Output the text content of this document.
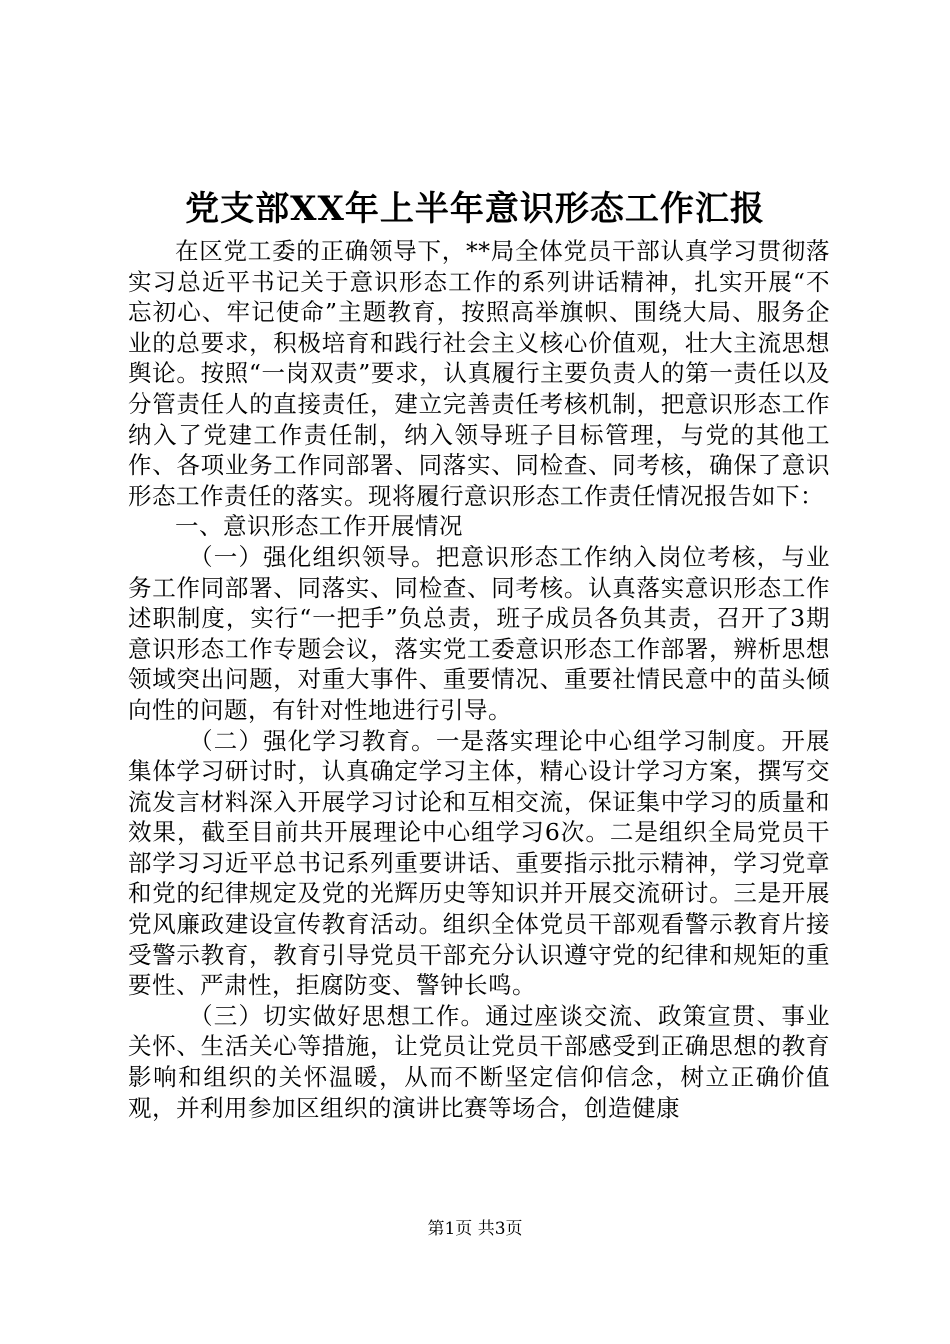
党支部XX年上半年意识形态工作汇报

在区党工委的正确领导下，**局全体党员干部认真学习贯彻落实习总近平书记关于意识形态工作的系列讲话精神，扎实开展“不忘初心、牢记使命”主题教育，按照高举旗帜、围绕大局、服务企业的总要求，积极培育和践行社会主义核心价值观，壮大主流思想舆论。按照“一岗双责”要求，认真履行主要负责人的第一责任以及分管责任人的直接责任，建立完善责任考核机制，把意识形态工作纳入了党建工作责任制，纳入领导班子目标管理，与党的其他工作、各项业务工作同部署、同落实、同检查、同考核，确保了意识形态工作责任的落实。现将履行意识形态工作责任情况报告如下：

一、意识形态工作开展情况

（一）强化组织领导。把意识形态工作纳入岗位考核，与业务工作同部署、同落实、同检查、同考核。认真落实意识形态工作述职制度，实行“一把手”负总责，班子成员各负其责，召开了3期意识形态工作专题会议，落实党工委意识形态工作部署，辨析思想领域突出问题，对重大事件、重要情况、重要社情民意中的苗头倾向性的问题，有针对性地进行引导。

（二）强化学习教育。一是落实理论中心组学习制度。开展集体学习研讨时，认真确定学习主体，精心设计学习方案，撰写交流发言材料深入开展学习讨论和互相交流，保证集中学习的质量和效果，截至目前共开展理论中心组学习6次。二是组织全局党员干部学习习近平总书记系列重要讲话、重要指示批示精神，学习党章和党的纪律规定及党的光辉历史等知识并开展交流研讨。三是开展党风廉政建设宣传教育活动。组织全体党员干部观看警示教育片接受警示教育，教育引导党员干部充分认识遵守党的纪律和规矩的重要性、严肃性，拒腐防变、警钟长鸣。

（三）切实做好思想工作。通过座谈交流、政策宣贯、事业关怀、生活关心等措施，让党员让党员干部感受到正确思想的教育影响和组织的关怀温暖，从而不断坚定信仰信念，树立正确价值观，并利用参加区组织的演讲比赛等场合，创造健康

第1页 共3页
